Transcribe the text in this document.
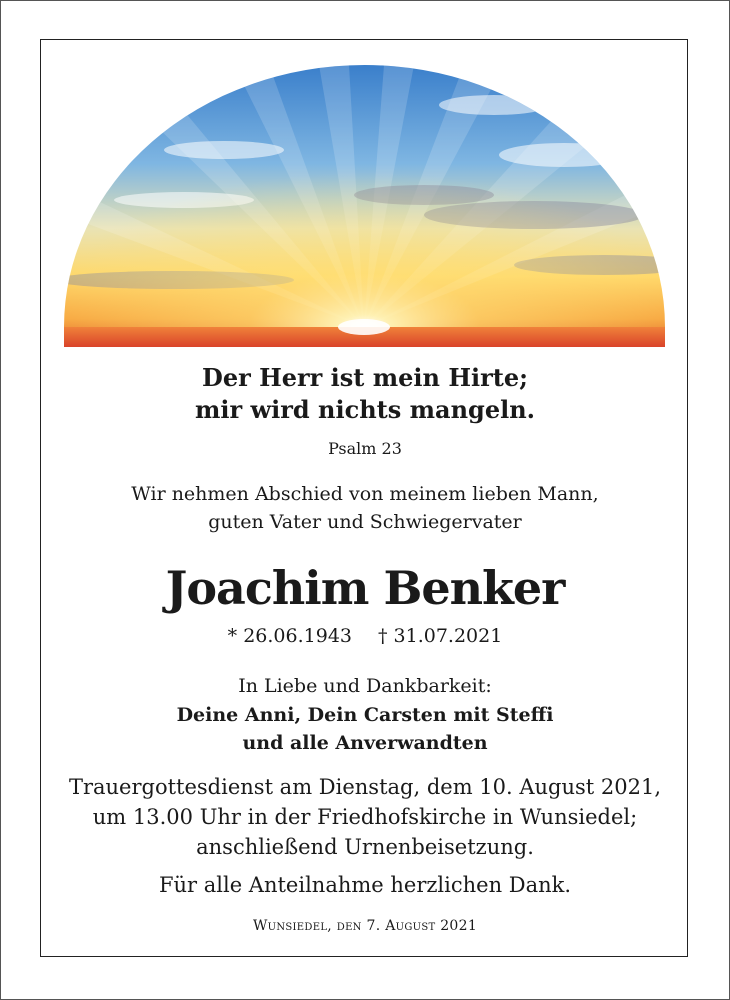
Der Herr ist mein Hirte;
mir wird nichts mangeln.
Psalm 23
Wir nehmen Abschied von meinem lieben Mann,
guten Vater und Schwiegervater
Joachim Benker
* 26.06.1943 † 31.07.2021
In Liebe und Dankbarkeit:
Deine Anni, Dein Carsten mit Steffi
und alle Anverwandten
Trauergottesdienst am Dienstag, dem 10. August 2021,
um 13.00 Uhr in der Friedhofskirche in Wunsiedel;
anschließend Urnenbeisetzung.
Für alle Anteilnahme herzlichen Dank.
Wunsiedel, den 7. August 2021
